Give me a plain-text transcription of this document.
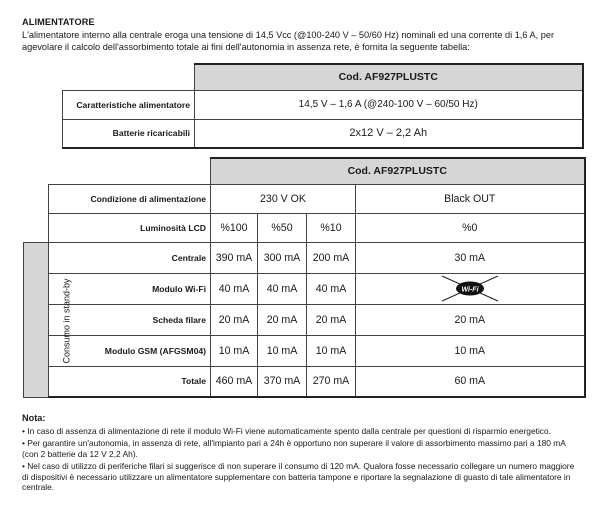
ALIMENTATORE
L'alimentatore interno alla centrale eroga una tensione di 14,5 Vcc (@100-240 V – 50/60 Hz) nominali ed una corrente di 1,6 A, per agevolare il calcolo dell'assorbimento totale ai fini dell'autonomia in assenza rete, è fornita la seguente tabella:
	Cod. AF927PLUSTC
Caratteristiche alimentatore	14,5 V – 1,6 A (@240-100 V – 60/50 Hz)
Batterie ricaricabili	2x12 V – 2,2 Ah
		Cod. AF927PLUSTC			
	Condizione di alimentazione	230 V OK			Black OUT
	Luminosità LCD	%100	%50	%10	%0
Consumo in stand-by	Centrale	390 mA	300 mA	200 mA	30 mA
	Modulo Wi-Fi	40 mA	40 mA	40 mA	Wi-Fi

	Scheda filare	20 mA	20 mA	20 mA	20 mA
	Modulo GSM (AFGSM04)	10 mA	10 mA	10 mA	10 mA
	Totale	460 mA	370 mA	270 mA	60 mA
Nota:

• In caso di assenza di alimentazione di rete il modulo Wi-Fi viene automaticamente spento dalla centrale per questioni di risparmio energetico.

• Per garantire un'autonomia, in assenza di rete, all'impianto pari a 24h è opportuno non superare il valore di assorbimento massimo pari a 180 mA (con 2 batterie da 12 V 2,2 Ah).

• Nel caso di utilizzo di periferiche filari si suggerisce di non superare il consumo di 120 mA. Qualora fosse necessario collegare un numero maggiore di dispositivi è necessario utilizzare un alimentatore supplementare con batteria tampone e riportare la segnalazione di guasto di tale alimentatore in centrale.
